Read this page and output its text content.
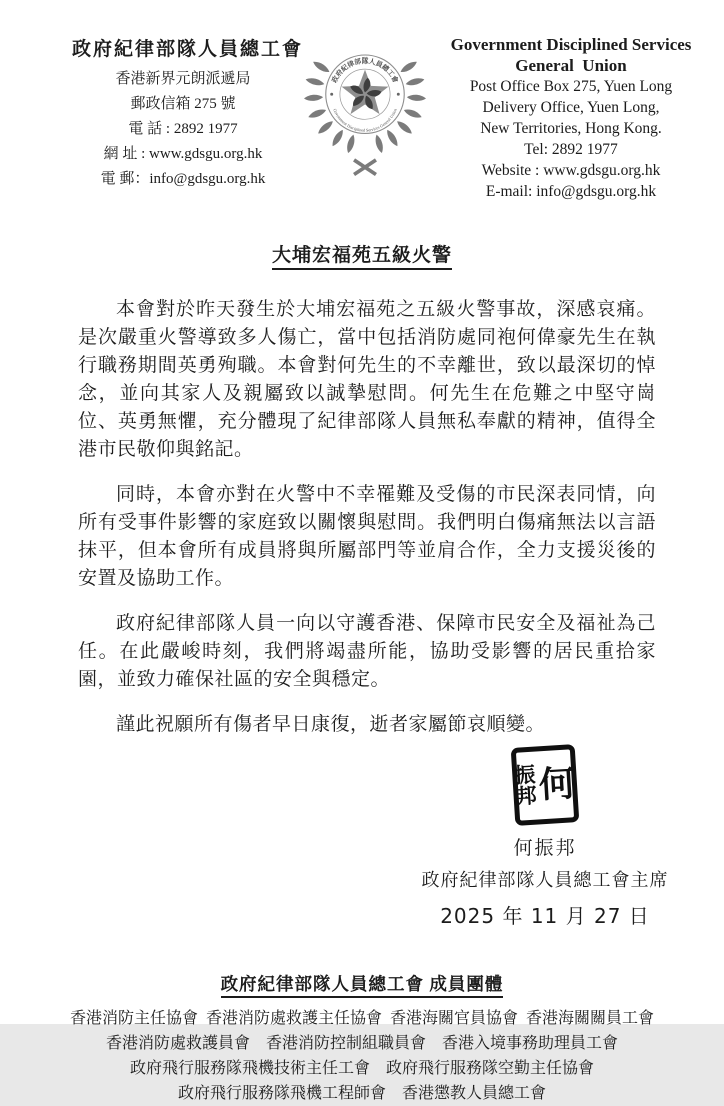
政府紀律部隊人員總工會
香港新界元朗派遞局
郵政信箱 275 號
電 話 : 2892 1977
網 址 : www.gdsgu.org.hk
電 郵：info@gdsgu.org.hk
政府紀律部隊人員總工會
Government Disciplined Services General Union
Government Disciplined Services
General  Union
Post Office Box 275, Yuen Long
Delivery Office, Yuen Long,
New Territories, Hong Kong.
Tel: 2892 1977
Website : www.gdsgu.org.hk
E-mail: info@gdsgu.org.hk
大埔宏福苑五級火警

本會對於昨天發生於大埔宏福苑之五級火警事故，深感哀痛。是次嚴重火警導致多人傷亡，當中包括消防處同袍何偉豪先生在執行職務期間英勇殉職。本會對何先生的不幸離世，致以最深切的悼念，並向其家人及親屬致以誠摯慰問。何先生在危難之中堅守崗位、英勇無懼，充分體現了紀律部隊人員無私奉獻的精神，值得全港市民敬仰與銘記。

同時，本會亦對在火警中不幸罹難及受傷的市民深表同情，向所有受事件影響的家庭致以關懷與慰問。我們明白傷痛無法以言語抹平，但本會所有成員將與所屬部門等並肩合作，全力支援災後的安置及協助工作。

政府紀律部隊人員一向以守護香港、保障市民安全及福祉為己任。在此嚴峻時刻，我們將竭盡所能，協助受影響的居民重拾家園，並致力確保社區的安全與穩定。

謹此祝願所有傷者早日康復，逝者家屬節哀順變。

振
邦 何
何振邦
政府紀律部隊人員總工會主席
2025 年 11 月 27 日
政府紀律部隊人員總工會 成員團體
香港消防主任協會  香港消防處救護主任協會  香港海關官員協會  香港海關關員工會
香港消防處救護員會　香港消防控制組職員會　香港入境事務助理員工會
政府飛行服務隊飛機技術主任工會　政府飛行服務隊空勤主任協會
政府飛行服務隊飛機工程師會　香港懲教人員總工會
